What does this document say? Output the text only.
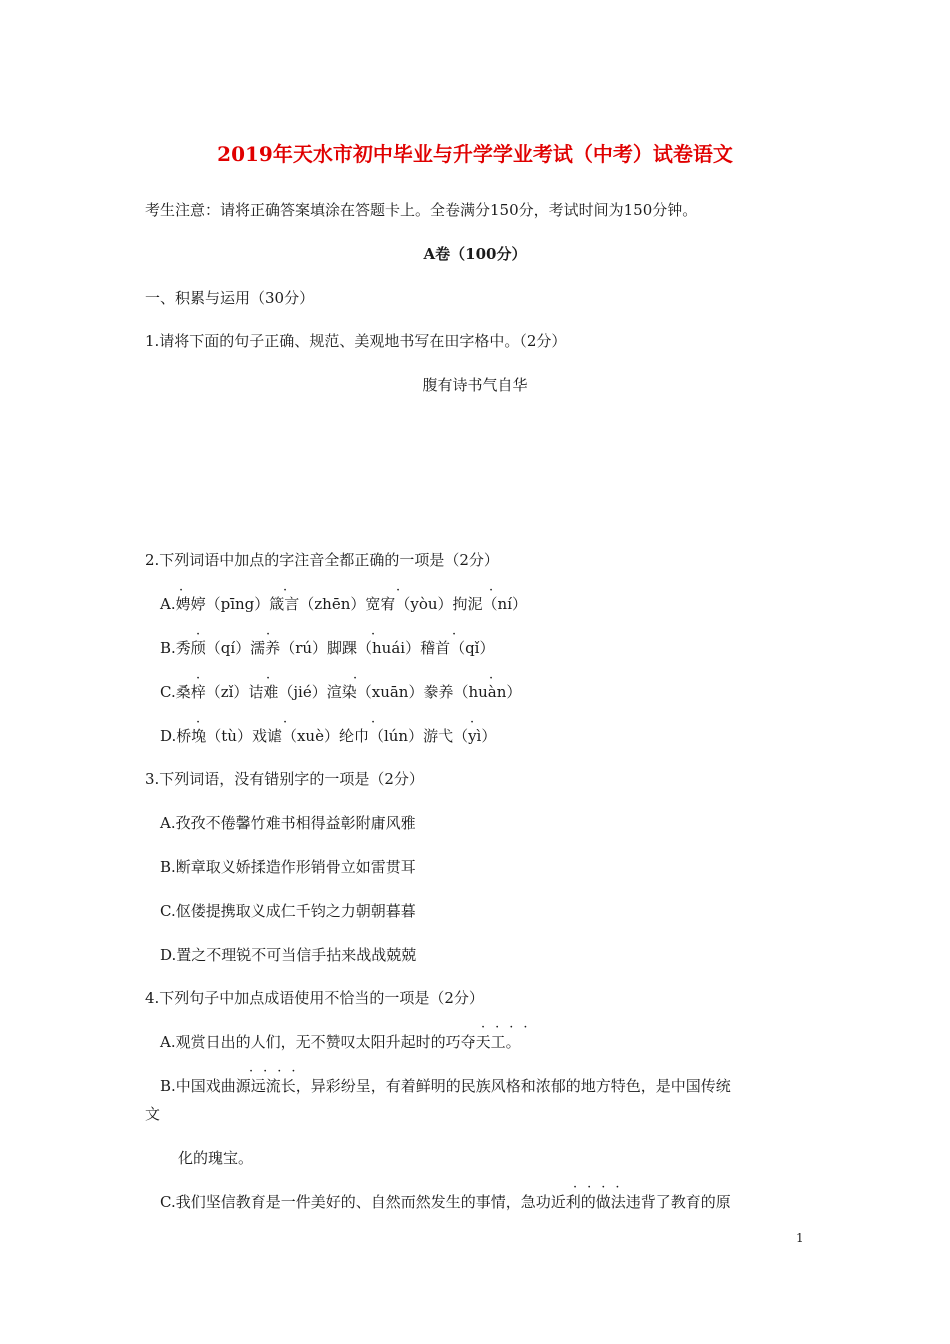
2019年天水市初中毕业与升学学业考试（中考）试卷语文
考生注意：请将正确答案填涂在答题卡上。全卷满分150分，考试时间为150分钟。
A卷（100分）
一、积累与运用（30分）
1.请将下面的句子正确、规范、美观地书写在田字格中。（2分）
腹有诗书气自华
2.下列词语中加点的字注音全都正确的一项是（2分）
·	·	·	·
A.娉婷（pīng）箴言（zhēn）宽宥（yòu）拘泥（ní）
·	·	·	·
B.秀颀（qí）濡养（rú）脚踝（huái）稽首（qǐ）
·	·	·	·
C.桑梓（zǐ）诘难（jié）渲染（xuān）豢养（huàn）
·	·	·	·
D.桥堍（tù）戏谑（xuè）纶巾（lún）游弋（yì）
3.下列词语，没有错别字的一项是（2分）
A.孜孜不倦馨竹难书相得益彰附庸风雅
B.断章取义娇揉造作形销骨立如雷贯耳
C.伛偻提携取义成仁千钧之力朝朝暮暮
D.置之不理锐不可当信手拈来战战兢兢
4.下列句子中加点成语使用不恰当的一项是（2分）
····
A.观赏日出的人们，无不赞叹太阳升起时的巧夺天工。
····
B.中国戏曲源远流长，异彩纷呈，有着鲜明的民族风格和浓郁的地方特色，是中国传统
文
化的瑰宝。
····
C.我们坚信教育是一件美好的、自然而然发生的事情，急功近利的做法违背了教育的原
1
